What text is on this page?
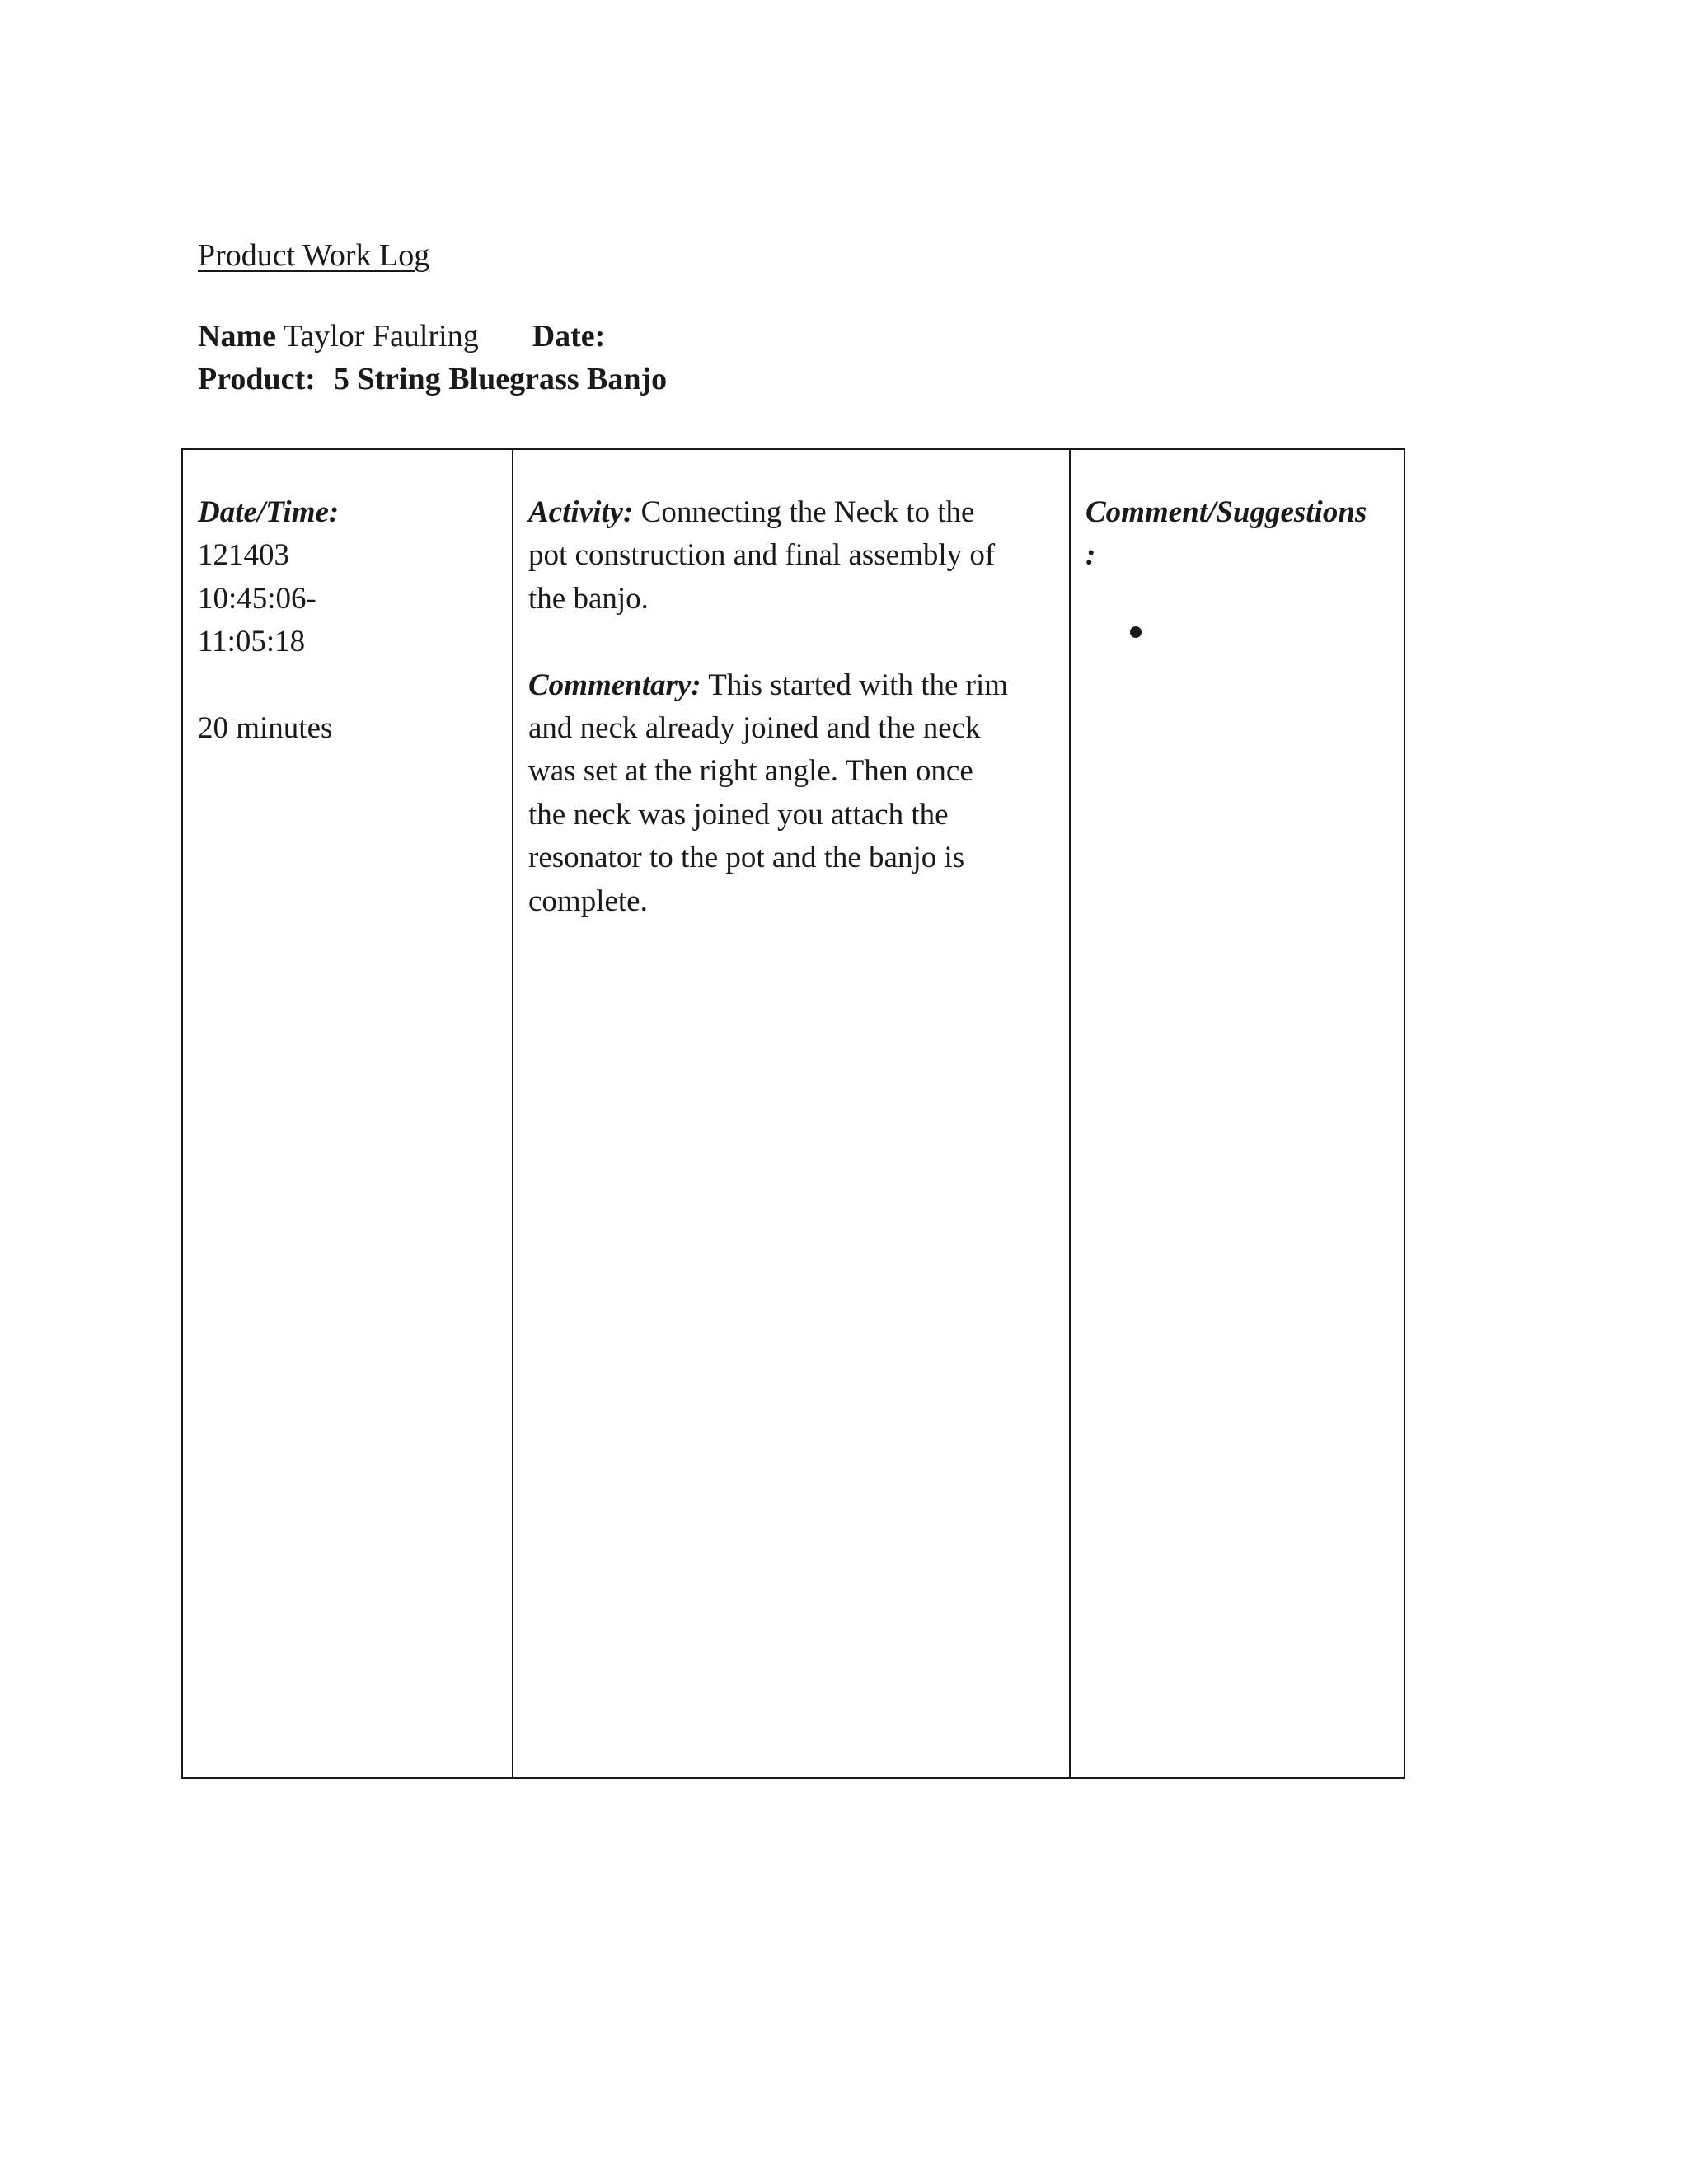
Product Work Log
Name Taylor Faulring Date:
Product: 5 String Bluegrass Banjo
Date/Time:
121403
10:45:06-
11:05:18
20 minutes
Activity: Connecting the Neck to the
pot construction and final assembly of
the banjo.
Commentary: This started with the rim
and neck already joined and the neck
was set at the right angle. Then once
the neck was joined you attach the
resonator to the pot and the banjo is
complete.
Comment/Suggestions
:
